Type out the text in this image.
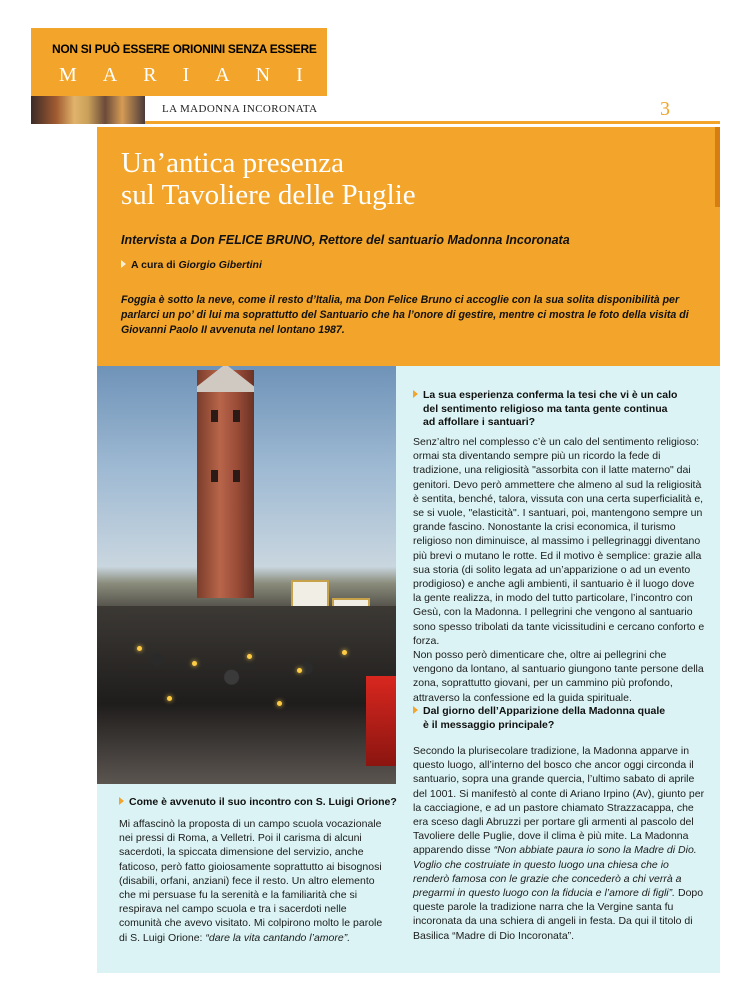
NON SI PUÒ ESSERE ORIONINI SENZA ESSERE
MARIANI
LA MADONNA INCORONATA	3
Un’antica presenza
sul Tavoliere delle Puglie
Intervista a Don FELICE BRUNO, Rettore del santuario Madonna Incoronata
A cura di Giorgio Gibertini
Foggia è sotto la neve, come il resto d’Italia, ma Don Felice Bruno ci accoglie con la sua solita disponibilità per parlarci un po’ di lui ma soprattutto del Santuario che ha l’onore di gestire, mentre ci mostra le foto della visita di Giovanni Paolo II avvenuta nel lontano 1987.
Come è avvenuto il suo incontro con S. Luigi Orione?

Mi affascinò la proposta di un campo scuola vocazionale nei pressi di Roma, a Velletri. Poi il carisma di alcuni sacerdoti, la spiccata dimensione del servizio, anche faticoso, però fatto gioiosamente soprattutto ai bisognosi (disabili, orfani, anziani) fece il resto. Un altro elemento che mi persuase fu la serenità e la familiarità che si respirava nel campo scuola e tra i sacerdoti nelle comunità che avevo visitato. Mi colpirono molto le parole di S. Luigi Orione: “dare la vita cantando l’amore”.

La sua esperienza conferma la tesi che vi è un calo
del sentimento religioso ma tanta gente continua
ad affollare i santuari?

Senz’altro nel complesso c’è un calo del sentimento religioso: ormai sta diventando sempre più un ricordo la fede di tradizione, una religiosità "assorbita con il latte materno" dai genitori. Devo però ammettere che almeno al sud la religiosità è sentita, benché, talora, vissuta con una certa superficialità e, se si vuole, "elasticità". I santuari, poi, mantengono sempre un grande fascino. Nonostante la crisi economica, il turismo religioso non diminuisce, al massimo i pellegrinaggi diventano più brevi o mutano le rotte. Ed il motivo è semplice: grazie alla sua storia (di solito legata ad un’apparizione o ad un evento prodigioso) e anche agli ambienti, il santuario è il luogo dove la gente realizza, in modo del tutto particolare, l’incontro con Gesù, con la Madonna. I pellegrini che vengono al santuario sono spesso tribolati da tante vicissitudini e cercano conforto e forza.

Non posso però dimenticare che, oltre ai pellegrini che vengono da lontano, al santuario giungono tante persone della zona, soprattutto giovani, per un cammino più profondo, attraverso la confessione ed la guida spirituale.

Dal giorno dell’Apparizione della Madonna quale
è il messaggio principale?

Secondo la plurisecolare tradizione, la Madonna apparve in questo luogo, all’interno del bosco che ancor oggi circonda il santuario, sopra una grande quercia, l’ultimo sabato di aprile del 1001. Si manifestò al conte di Ariano Irpino (Av), giunto per la cacciagione, e ad un pastore chiamato Strazzacappa, che era sceso dagli Abruzzi per portare gli armenti al pascolo del Tavoliere delle Puglie, dove il clima è più mite. La Madonna apparendo disse “Non abbiate paura io sono la Madre di Dio. Voglio che costruiate in questo luogo una chiesa che io renderò famosa con le grazie che concederò a chi verrà a pregarmi in questo luogo con la fiducia e l’amore di figli”. Dopo queste parole la tradizione narra che la Vergine santa fu incoronata da una schiera di angeli in festa. Da qui il titolo di Basilica “Madre di Dio Incoronata”.
